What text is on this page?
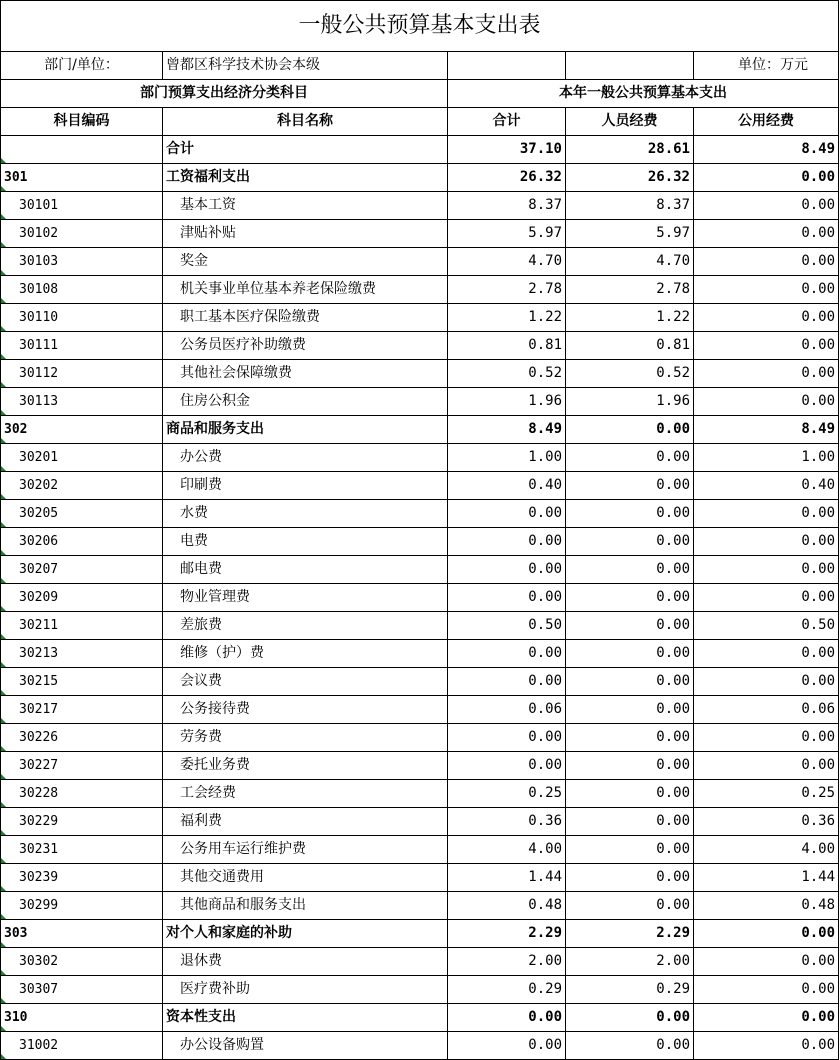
一般公共预算基本支出表				
部门/单位：	曾都区科学技术协会本级			单位：万元
部门预算支出经济分类科目		本年一般公共预算基本支出		
科目编码	科目名称	合计	人员经费	公用经费
	合计	37.10	28.61	8.49
301	工资福利支出	26.32	26.32	0.00
30101	基本工资	8.37	8.37	0.00
30102	津贴补贴	5.97	5.97	0.00
30103	奖金	4.70	4.70	0.00
30108	机关事业单位基本养老保险缴费	2.78	2.78	0.00
30110	职工基本医疗保险缴费	1.22	1.22	0.00
30111	公务员医疗补助缴费	0.81	0.81	0.00
30112	其他社会保障缴费	0.52	0.52	0.00
30113	住房公积金	1.96	1.96	0.00
302	商品和服务支出	8.49	0.00	8.49
30201	办公费	1.00	0.00	1.00
30202	印刷费	0.40	0.00	0.40
30205	水费	0.00	0.00	0.00
30206	电费	0.00	0.00	0.00
30207	邮电费	0.00	0.00	0.00
30209	物业管理费	0.00	0.00	0.00
30211	差旅费	0.50	0.00	0.50
30213	维修（护）费	0.00	0.00	0.00
30215	会议费	0.00	0.00	0.00
30217	公务接待费	0.06	0.00	0.06
30226	劳务费	0.00	0.00	0.00
30227	委托业务费	0.00	0.00	0.00
30228	工会经费	0.25	0.00	0.25
30229	福利费	0.36	0.00	0.36
30231	公务用车运行维护费	4.00	0.00	4.00
30239	其他交通费用	1.44	0.00	1.44
30299	其他商品和服务支出	0.48	0.00	0.48
303	对个人和家庭的补助	2.29	2.29	0.00
30302	退休费	2.00	2.00	0.00
30307	医疗费补助	0.29	0.29	0.00
310	资本性支出	0.00	0.00	0.00
31002	办公设备购置	0.00	0.00	0.00
